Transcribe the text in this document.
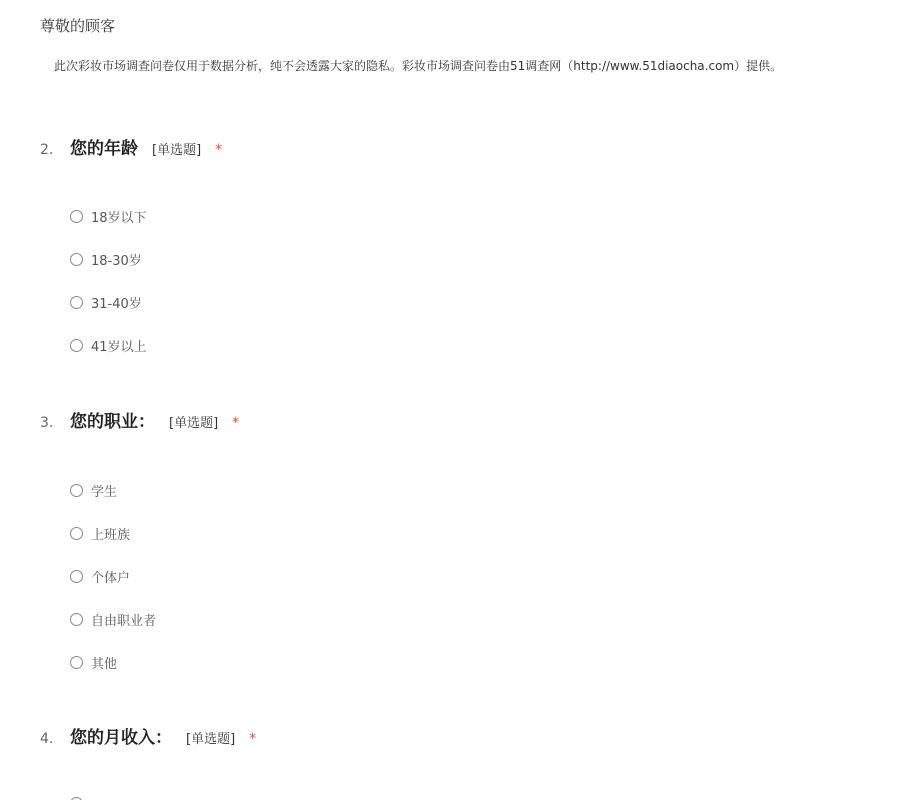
尊敬的顾客
此次彩妆市场调查问卷仅用于数据分析，纯不会透露大家的隐私。彩妆市场调查问卷由51调查网（http://www.51diaocha.com）提供。
2. 您的年龄 [单选题] *
18岁以下
18-30岁
31-40岁
41岁以上
3. 您的职业： [单选题] *
学生
上班族
个体户
自由职业者
其他
4. 您的月收入： [单选题] *
